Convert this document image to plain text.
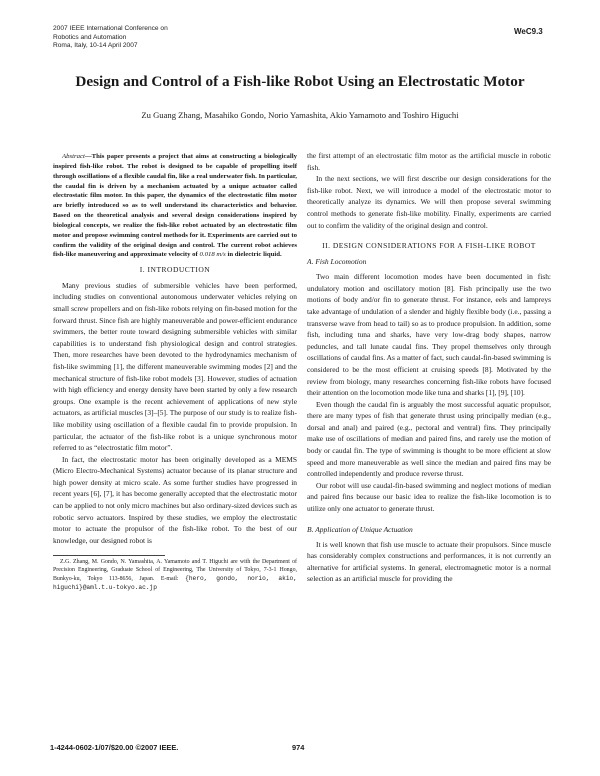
2007 IEEE International Conference on
Robotics and Automation
Roma, Italy, 10-14 April 2007
WeC9.3
Design and Control of a Fish-like Robot Using an Electrostatic Motor
Zu Guang Zhang, Masahiko Gondo, Norio Yamashita, Akio Yamamoto and Toshiro Higuchi

Abstract—This paper presents a project that aims at constructing a biologically inspired fish-like robot. The robot is designed to be capable of propelling itself through oscillations of a flexible caudal fin, like a real underwater fish. In particular, the caudal fin is driven by a mechanism actuated by a unique actuator called electrostatic film motor. In this paper, the dynamics of the electrostatic film motor are briefly introduced so as to well understand its characteristics and behavior. Based on the theoretical analysis and several design considerations inspired by biological concepts, we realize the fish-like robot actuated by an electrostatic film motor and propose swimming control methods for it. Experiments are carried out to confirm the validity of the original design and control. The current robot achieves fish-like maneuvering and approximate velocity of 0.018 m/s in dielectric liquid.

I. INTRODUCTION

Many previous studies of submersible vehicles have been performed, including studies on conventional autonomous underwater vehicles relying on small screw propellers and on fish-like robots relying on fin-based motion for the forward thrust. Since fish are highly maneuverable and power-efficient endurance swimmers, the better route toward designing submersible vehicles with similar capabilities is to understand fish physiological design and control strategies. Then, more researches have been devoted to the hydrodynamics mechanism of fish-like swimming [1], the different maneuverable swimming modes [2] and the mechanical structure of fish-like robot models [3]. However, studies of actuation with high efficiency and energy density have been started by only a few research groups. One example is the recent achievement of applications of new style actuators, as artificial muscles [3]–[5]. The purpose of our study is to realize fish-like mobility using oscillation of a flexible caudal fin to provide propulsion. In particular, the actuator of the fish-like robot is a unique synchronous motor referred to as “electrostatic film motor”.

In fact, the electrostatic motor has been originally developed as a MEMS (Micro Electro-Mechanical Systems) actuator because of its planar structure and high power density at micro scale. As some further studies have progressed in recent years [6], [7], it has become generally accepted that the electrostatic motor can be applied to not only micro machines but also ordinary-sized devices such as robotic servo actuators. Inspired by these studies, we employ the electrostatic motor to actuate the propulsor of the fish-like robot. To the best of our knowledge, our designed robot is

Z.G. Zhang, M. Gondo, N. Yamashita, A. Yamamoto and T. Higuchi are with the Department of Precision Engineering, Graduate School of Engineering, The University of Tokyo, 7-3-1 Hongo, Bunkyo-ku, Tokyo 113-8656, Japan. E-mail: {hero, gondo, norio, akio, higuchi}@aml.t.u-tokyo.ac.jp

the first attempt of an electrostatic film motor as the artificial muscle in robotic fish.

In the next sections, we will first describe our design considerations for the fish-like robot. Next, we will introduce a model of the electrostatic motor to theoretically analyze its dynamics. We will then propose several swimming control methods to generate fish-like mobility. Finally, experiments are carried out to confirm the validity of the original design and control.

II. DESIGN CONSIDERATIONS FOR A FISH-LIKE ROBOT
A. Fish Locomotion

Two main different locomotion modes have been documented in fish: undulatory motion and oscillatory motion [8]. Fish principally use the two motions of body and/or fin to generate thrust. For instance, eels and lampreys take advantage of undulation of a slender and highly flexible body (i.e., passing a transverse wave from head to tail) so as to produce propulsion. In addition, some fish, including tuna and sharks, have very low-drag body shapes, narrow peduncles, and tall lunate caudal fins. They propel themselves only through oscillations of caudal fins. As a matter of fact, such caudal-fin-based swimming is considered to be the most efficient at cruising speeds [8]. Motivated by the review from biology, many researches concerning fish-like robots have focused their attention on the locomotion mode like tuna and sharks [1], [9], [10].

Even though the caudal fin is arguably the most successful aquatic propulsor, there are many types of fish that generate thrust using principally median (e.g., dorsal and anal) and paired (e.g., pectoral and ventral) fins. They principally make use of oscillations of median and paired fins, and rarely use the motion of body or caudal fin. The type of swimming is thought to be more efficient at slow speed and more maneuverable as well since the median and paired fins may be controlled independently and produce reverse thrust.

Our robot will use caudal-fin-based swimming and neglect motions of median and paired fins because our basic idea to realize the fish-like locomotion is to utilize only one actuator to generate thrust.

B. Application of Unique Actuation

It is well known that fish use muscle to actuate their propulsors. Since muscle has considerably complex constructions and performances, it is not currently an alternative for artificial systems. In general, electromagnetic motor is a normal selection as an artificial muscle for providing the

1-4244-0602-1/07/$20.00 ©2007 IEEE.	974
